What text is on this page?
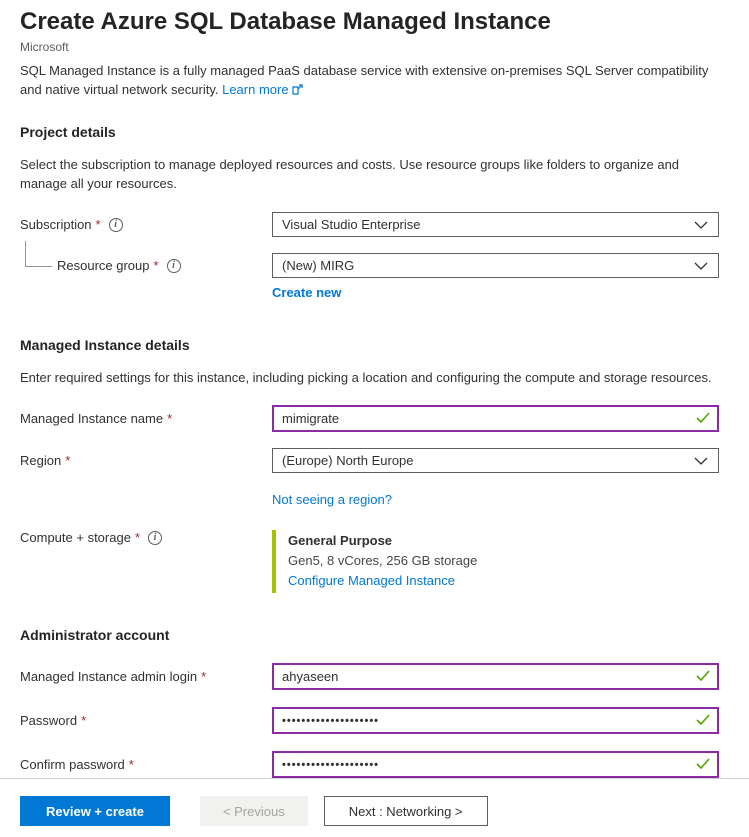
Create Azure SQL Database Managed Instance
Microsoft

SQL Managed Instance is a fully managed PaaS database service with extensive on-premises SQL Server compatibility and native virtual network security. Learn more

Project details

Select the subscription to manage deployed resources and costs. Use resource groups like folders to organize and manage all your resources.

Subscription *	i	Visual Studio Enterprise
Resource group *	i	(New) MIRG
Create new
Managed Instance details

Enter required settings for this instance, including picking a location and configuring the compute and storage resources.

Managed Instance name *
mimigrate
Region *	(Europe) North Europe
Not seeing a region?
Compute + storage *	i	General Purpose
Gen5, 8 vCores, 256 GB storage
Configure Managed Instance
Administrator account
Managed Instance admin login *
ahyaseen
Password *
••••••••••••••••••••
Confirm password *
••••••••••••••••••••
Review + create	< Previous	Next : Networking >
